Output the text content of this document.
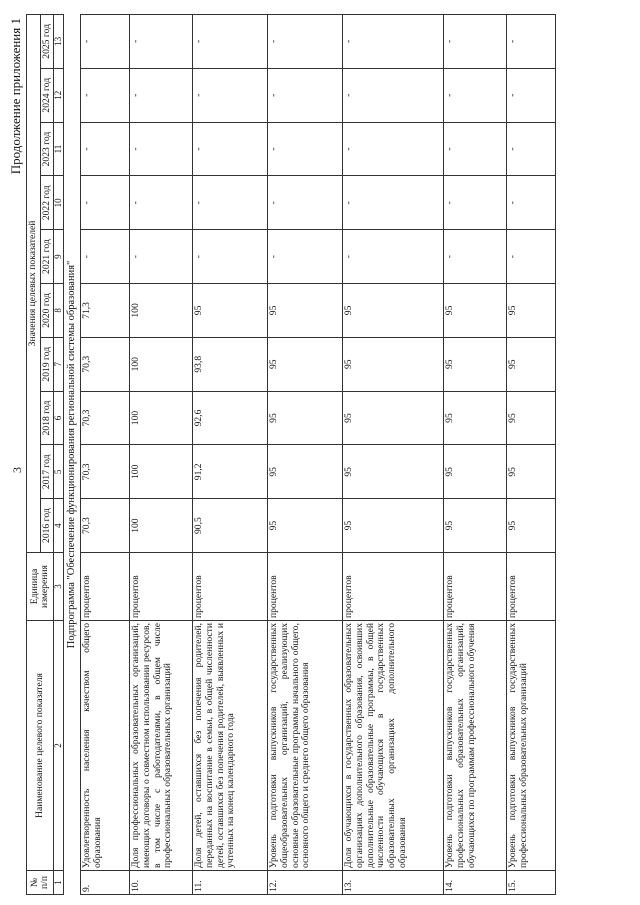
3
Продолжение приложения 1
№ п/п	Наименование целевого показателя	Единица измерения	Значения целевых показателей									
			2016 год	2017 год	2018 год	2019 год	2020 год	2021 год	2022 год	2023 год	2024 год	2025 год
1	2	3	4	5	6	7	8	9	10	11	12	13
Подпрограмма "Обеспечение функционирования региональной системы образования"												
9.	Удовлетворенность населения качеством общего образования	процентов	70,3	70,3	70,3	70,3	71,3	-	-	-	-	-
10.	Доля профессиональных образовательных организаций, имеющих договоры о совместном использовании ресурсов, в том числе с работодателями, в общем числе профессиональных образовательных организаций	процентов	100	100	100	100	100	-	-	-	-	-
11.	Доля детей, оставшихся без попечения родителей, переданных на воспитание в семьи, в общей численности детей, оставшихся без попечения родителей, выявленных и учтенных на конец календарного года	процентов	90,5	91,2	92,6	93,8	95	-	-	-	-	-
12.	Уровень подготовки выпускников государственных общеобразовательных организаций, реализующих основные образовательные программы начального общего, основного общего и среднего общего образования	процентов	95	95	95	95	95	-	-	-	-	-
13.	Доля обучающихся в государственных образовательных организациях дополнительного образования, освоивших дополнительные образовательные программы, в общей численности обучающихся в государственных образовательных организациях дополнительного образования	процентов	95	95	95	95	95	-	-	-	-	-
14.	Уровень подготовки выпускников государственных профессиональных образовательных организаций, обучающихся по программам профессионального обучения	процентов	95	95	95	95	95	-	-	-	-	-
15.	Уровень подготовки выпускников государственных профессиональных образовательных организаций	процентов	95	95	95	95	95	-	-	-	-	-
